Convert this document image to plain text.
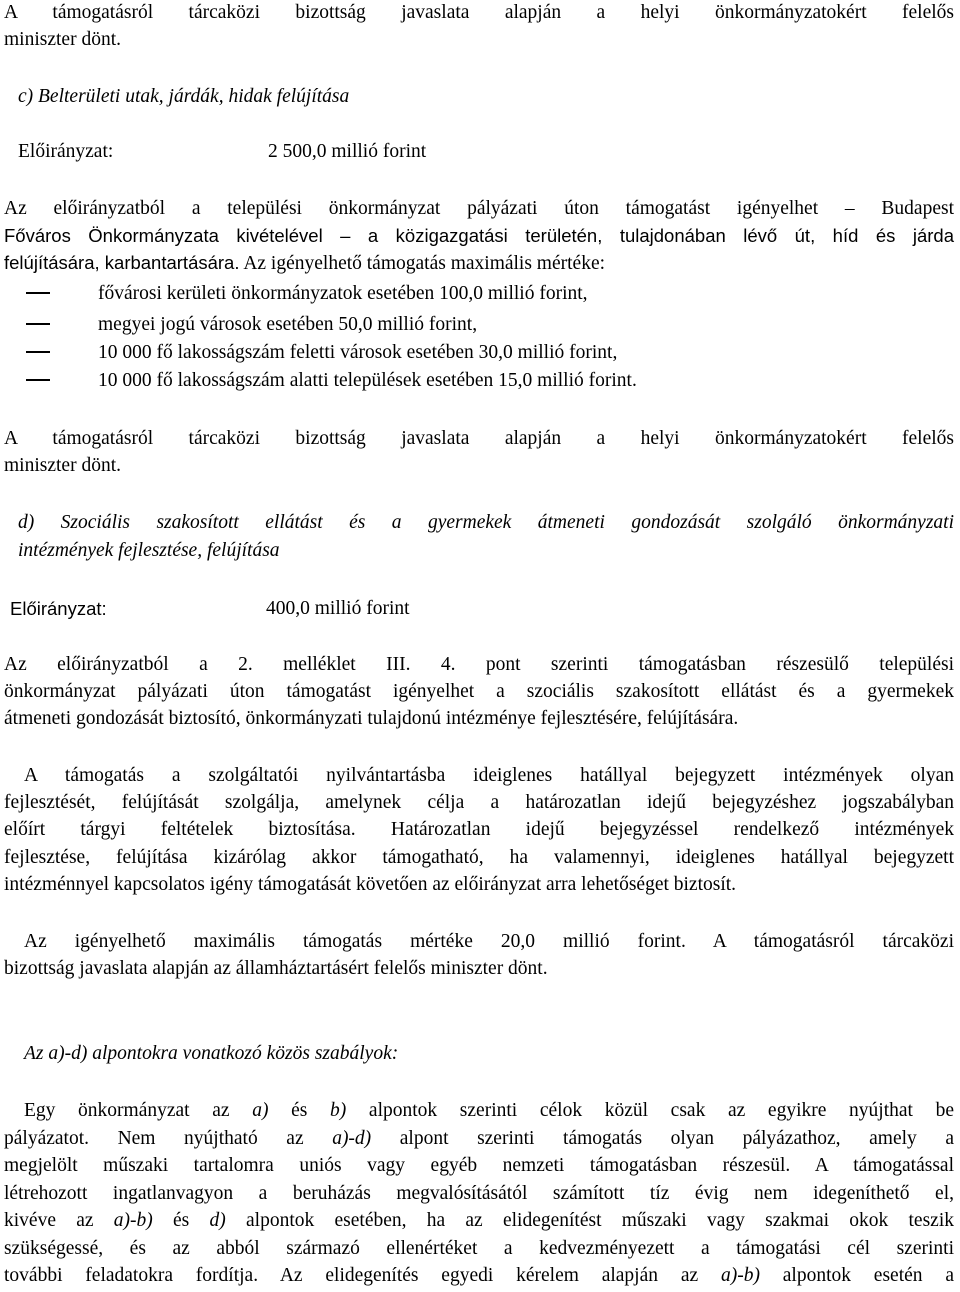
A támogatásról tárcaközi bizottság javaslata alapján a helyi önkormányzatokért felelős
miniszter dönt.
c) Belterületi utak, járdák, hidak felújítása
Előirányzat:	2 500,0 millió forint
Az előirányzatból a települési önkormányzat pályázati úton támogatást igényelhet – Budapest
Főváros Önkormányzata kivételével – a közigazgatási területén, tulajdonában lévő út, híd és járda
felújítására, karbantartására. Az igényelhető támogatás maximális mértéke:
fővárosi kerületi önkormányzatok esetében 100,0 millió forint,
megyei jogú városok esetében 50,0 millió forint,
10 000 fő lakosságszám feletti városok esetében 30,0 millió forint,
10 000 fő lakosságszám alatti települések esetében 15,0 millió forint.
A támogatásról tárcaközi bizottság javaslata alapján a helyi önkormányzatokért felelős
miniszter dönt.
d) Szociális szakosított ellátást és a gyermekek átmeneti gondozását szolgáló önkormányzati
intézmények fejlesztése, felújítása
Előirányzat:	400,0 millió forint
Az előirányzatból a 2. melléklet III. 4. pont szerinti támogatásban részesülő települési
önkormányzat pályázati úton támogatást igényelhet a szociális szakosított ellátást és a gyermekek
átmeneti gondozását biztosító, önkormányzati tulajdonú intézménye fejlesztésére, felújítására.
A támogatás a szolgáltatói nyilvántartásba ideiglenes hatállyal bejegyzett intézmények olyan
fejlesztését, felújítását szolgálja, amelynek célja a határozatlan idejű bejegyzéshez jogszabályban
előírt tárgyi feltételek biztosítása. Határozatlan idejű bejegyzéssel rendelkező intézmények
fejlesztése, felújítása kizárólag akkor támogatható, ha valamennyi, ideiglenes hatállyal bejegyzett
intézménnyel kapcsolatos igény támogatását követően az előirányzat arra lehetőséget biztosít.
Az igényelhető maximális támogatás mértéke 20,0 millió forint. A támogatásról tárcaközi
bizottság javaslata alapján az államháztartásért felelős miniszter dönt.
Az a)-d) alpontokra vonatkozó közös szabályok:
Egy önkormányzat az a) és b) alpontok szerinti célok közül csak az egyikre nyújthat be
pályázatot. Nem nyújtható az a)-d) alpont szerinti támogatás olyan pályázathoz, amely a
megjelölt műszaki tartalomra uniós vagy egyéb nemzeti támogatásban részesül. A támogatással
létrehozott ingatlanvagyon a beruházás megvalósításától számított tíz évig nem idegeníthető el,
kivéve az a)-b) és d) alpontok esetében, ha az elidegenítést műszaki vagy szakmai okok teszik
szükségessé, és az abból származó ellenértéket a kedvezményezett a támogatási cél szerinti
további feladatokra fordítja. Az elidegenítés egyedi kérelem alapján az a)-b) alpontok esetén a
